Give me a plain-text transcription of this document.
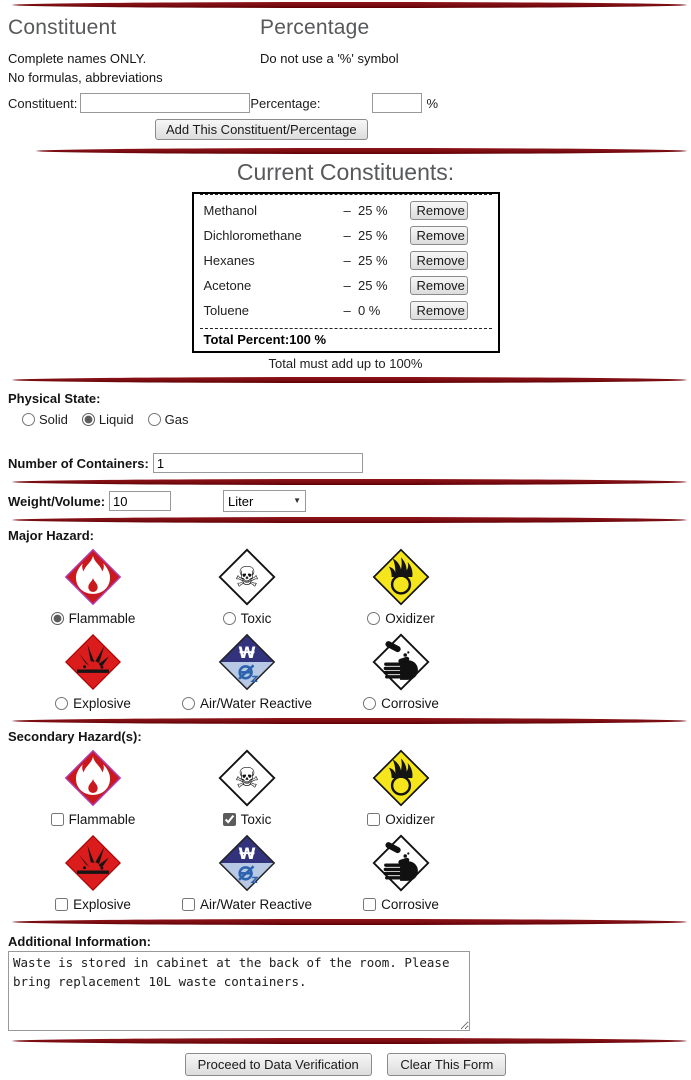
Constituent	Percentage
Complete names ONLY.	Do not use a '%' symbol
No formulas, abbreviations
Constituent:	Percentage:	%
Add This Constituent/Percentage
Current Constituents:
Methanol	– 25 %	Remove
Dichloromethane	– 25 %	Remove
Hexanes	– 25 %	Remove
Acetone	– 25 %	Remove
Toluene	– 0 %	Remove
Total Percent:100 %
Total must add up to 100%
Physical State:
Solid Liquid Gas
Number of Containers:
1
Weight/Volume:
10
Liter	▼
Major Hazard:
Flammable	Toxic	Oxidizer
Explosive	Air/Water Reactive	Corrosive
Secondary Hazard(s):
Flammable	Toxic	Oxidizer
Explosive	Air/Water Reactive	Corrosive
Additional Information:
Waste is stored in cabinet at the back of the room. Please bring replacement 10L waste containers.
Proceed to Data Verification	Clear This Form
